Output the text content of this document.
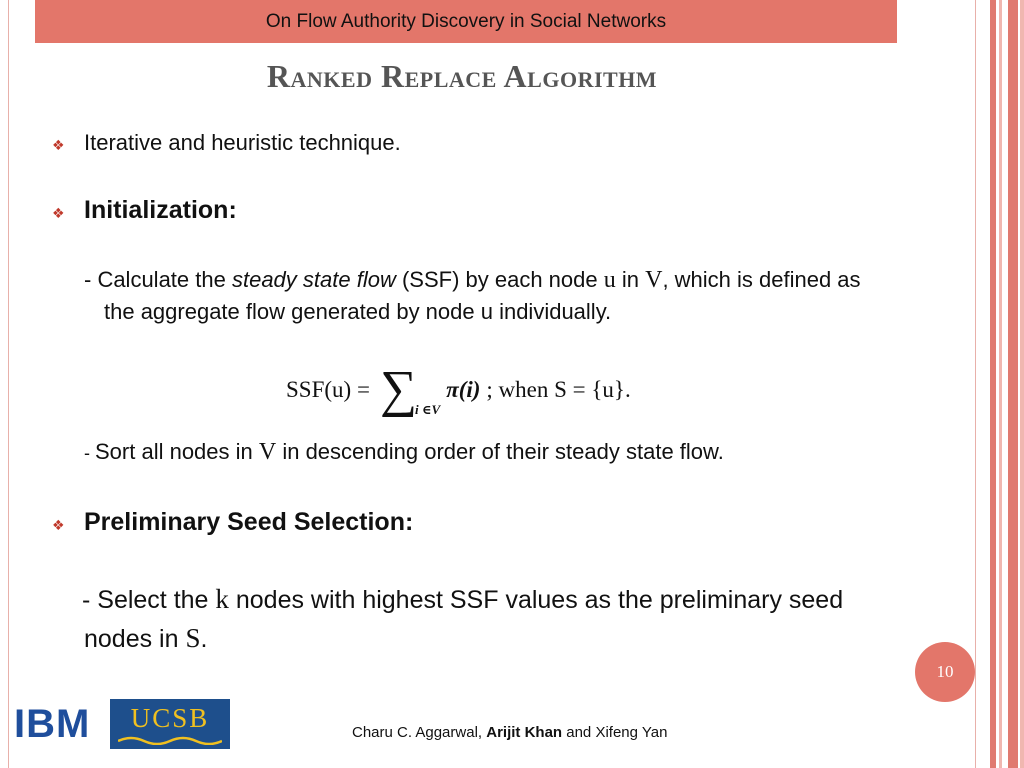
On Flow Authority Discovery in Social Networks
Ranked Replace Algorithm
❖ Iterative and heuristic technique.
❖ Initialization:
- Calculate the steady state flow (SSF) by each node u in V, which is defined as the aggregate flow generated by node u individually.
SSF(u) = ∑
i ∈V
π(i) ; when S = {u}.
- Sort all nodes in V in descending order of their steady state flow.
❖ Preliminary Seed Selection:
- Select the k nodes with highest SSF values as the preliminary seed nodes in S.
10
IBM UCSB	Charu C. Aggarwal, Arijit Khan and Xifeng Yan
